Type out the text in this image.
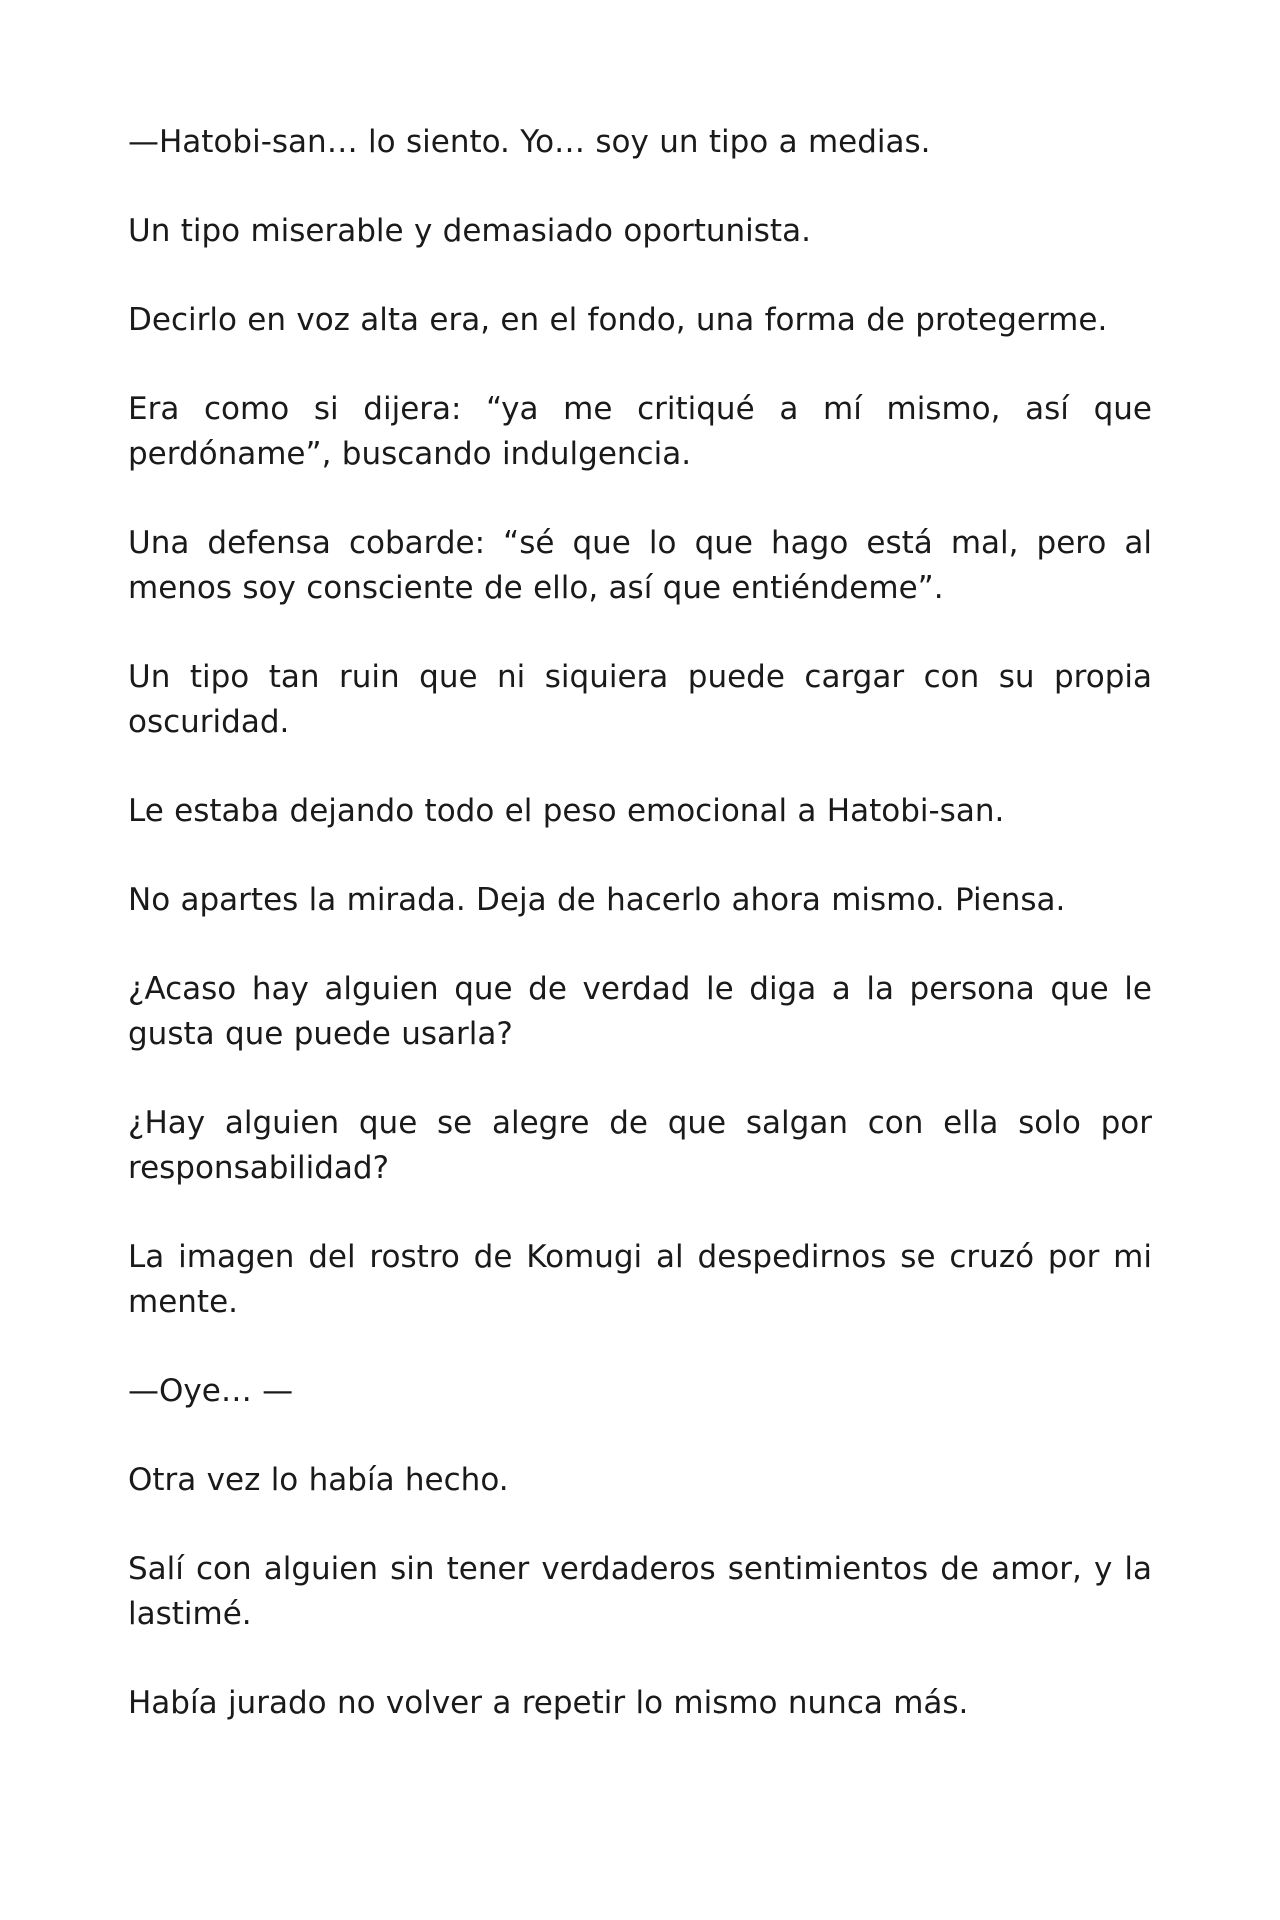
—Hatobi-san… lo siento. Yo… soy un tipo a medias.

Un tipo miserable y demasiado oportunista.

Decirlo en voz alta era, en el fondo, una forma de protegerme.

Era como si dijera: “ya me critiqué a mí mismo, así que perdóname”, buscando indulgencia.

Una defensa cobarde: “sé que lo que hago está mal, pero al menos soy consciente de ello, así que entiéndeme”.

Un tipo tan ruin que ni siquiera puede cargar con su propia oscuridad.

Le estaba dejando todo el peso emocional a Hatobi-san.

No apartes la mirada. Deja de hacerlo ahora mismo. Piensa.

¿Acaso hay alguien que de verdad le diga a la persona que le gusta que puede usarla?

¿Hay alguien que se alegre de que salgan con ella solo por responsabilidad?

La imagen del rostro de Komugi al despedirnos se cruzó por mi mente.

—Oye… —

Otra vez lo había hecho.

Salí con alguien sin tener verdaderos sentimientos de amor, y la lastimé.

Había jurado no volver a repetir lo mismo nunca más.
